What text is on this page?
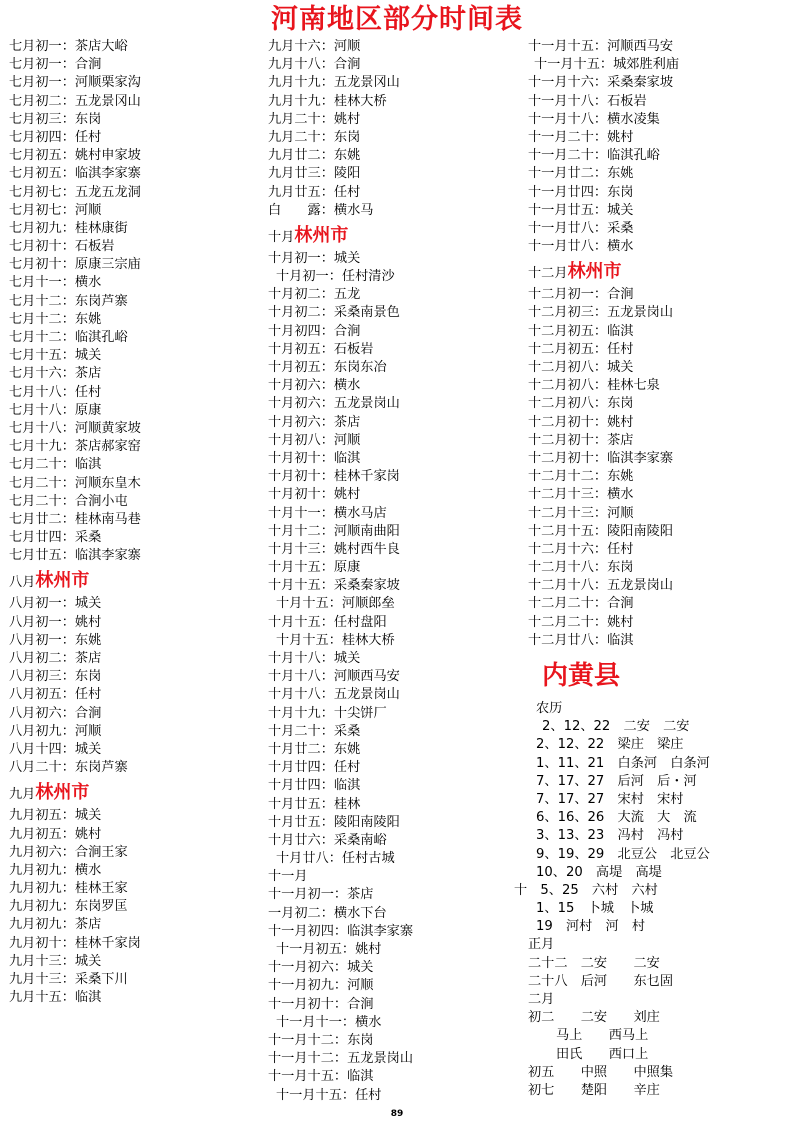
河南地区部分时间表
七月初一：茶店大峪
七月初一：合涧
七月初一：河顺栗家沟
七月初二：五龙景冈山
七月初三：东岗
七月初四：任村
七月初五：姚村申家坡
七月初五：临淇李家寨
七月初七：五龙五龙洞
七月初七：河顺
七月初九：桂林康街
七月初十：石板岩
七月初十：原康三宗庙
七月十一：横水
七月十二：东岗芦寨
七月十二：东姚
七月十二：临淇孔峪
七月十五：城关
七月十六：茶店
七月十八：任村
七月十八：原康
七月十八：河顺黄家坡
七月十九：茶店郝家窑
七月二十：临淇
七月二十：河顺东皇木
七月二十：合涧小屯
七月廿二：桂林南马巷
七月廿四：采桑
七月廿五：临淇李家寨
八月林州市
八月初一：城关
八月初一：姚村
八月初一：东姚
八月初二：茶店
八月初三：东岗
八月初五：任村
八月初六：合涧
八月初九：河顺
八月十四：城关
八月二十：东岗芦寨
九月林州市
九月初五：城关
九月初五：姚村
九月初六：合涧王家
九月初九：横水
九月初九：桂林王家
九月初九：东岗罗匡
九月初九：茶店
九月初十：桂林千家岗
九月十三：城关
九月十三：采桑下川
九月十五：临淇
九月十六：河顺
九月十八：合涧
九月十九：五龙景冈山
九月十九：桂林大桥
九月二十：姚村
九月二十：东岗
九月廿二：东姚
九月廿三：陵阳
九月廿五：任村
白　　露：横水马
十月林州市
十月初一：城关
十月初一：任村清沙
十月初二：五龙
十月初二：采桑南景色
十月初四：合涧
十月初五：石板岩
十月初五：东岗东冶
十月初六：横水
十月初六：五龙景岗山
十月初六：茶店
十月初八：河顺
十月初十：临淇
十月初十：桂林千家岗
十月初十：姚村
十月十一：横水马店
十月十二：河顺南曲阳
十月十三：姚村西牛良
十月十五：原康
十月十五：采桑秦家坡
十月十五：河顺郎垒
十月十五：任村盘阳
十月十五：桂林大桥
十月十八：城关
十月十八：河顺西马安
十月十八：五龙景岗山
十月十九：十尖饼厂
十月二十：采桑
十月廿二：东姚
十月廿四：任村
十月廿四：临淇
十月廿五：桂林
十月廿五：陵阳南陵阳
十月廿六：采桑南峪
十月廿八：任村古城
十一月
十一月初一：茶店
一月初二：横水下台
十一月初四：临淇李家寨
十一月初五：姚村
十一月初六：城关
十一月初九：河顺
十一月初十：合涧
十一月十一：横水
十一月十二：东岗
十一月十二：五龙景岗山
十一月十五：临淇
十一月十五：任村
十一月十五：河顺西马安
十一月十五：城郊胜利庙
十一月十六：采桑秦家坡
十一月十八：石板岩
十一月十八：横水凌集
十一月二十：姚村
十一月二十：临淇孔峪
十一月廿二：东姚
十一月廿四：东岗
十一月廿五：城关
十一月廿八：采桑
十一月廿八：横水
十二月林州市
十二月初一：合涧
十二月初三：五龙景岗山
十二月初五：临淇
十二月初五：任村
十二月初八：城关
十二月初八：桂林七泉
十二月初八：东岗
十二月初十：姚村
十二月初十：茶店
十二月初十：临淇李家寨
十二月十二：东姚
十二月十三：横水
十二月十三：河顺
十二月十五：陵阳南陵阳
十二月十六：任村
十二月十八：东岗
十二月十八：五龙景岗山
十二月二十：合涧
十二月二十：姚村
十二月廿八：临淇
内黄县
农历
2、12、22　二安　二安
2、12、22　梁庄　梁庄
1、11、21　白条河　白条河
7、17、27　后河　后・河
7、17、27　宋村　宋村
6、16、26　大流　大　流
3、13、23　冯村　冯村
9、19、29　北豆公　北豆公
10、20　高堤　高堤
十　5、25　六村　六村
1、15　卜城　卜城
19　河村　河　村
正月
二十二　二安　　二安
二十八　后河　　东乜固
二月
初二　　二安　　刘庄
马上　　西马上
田氏　　西口上
初五　　中照　　中照集
初七　　楚阳　　辛庄
89
